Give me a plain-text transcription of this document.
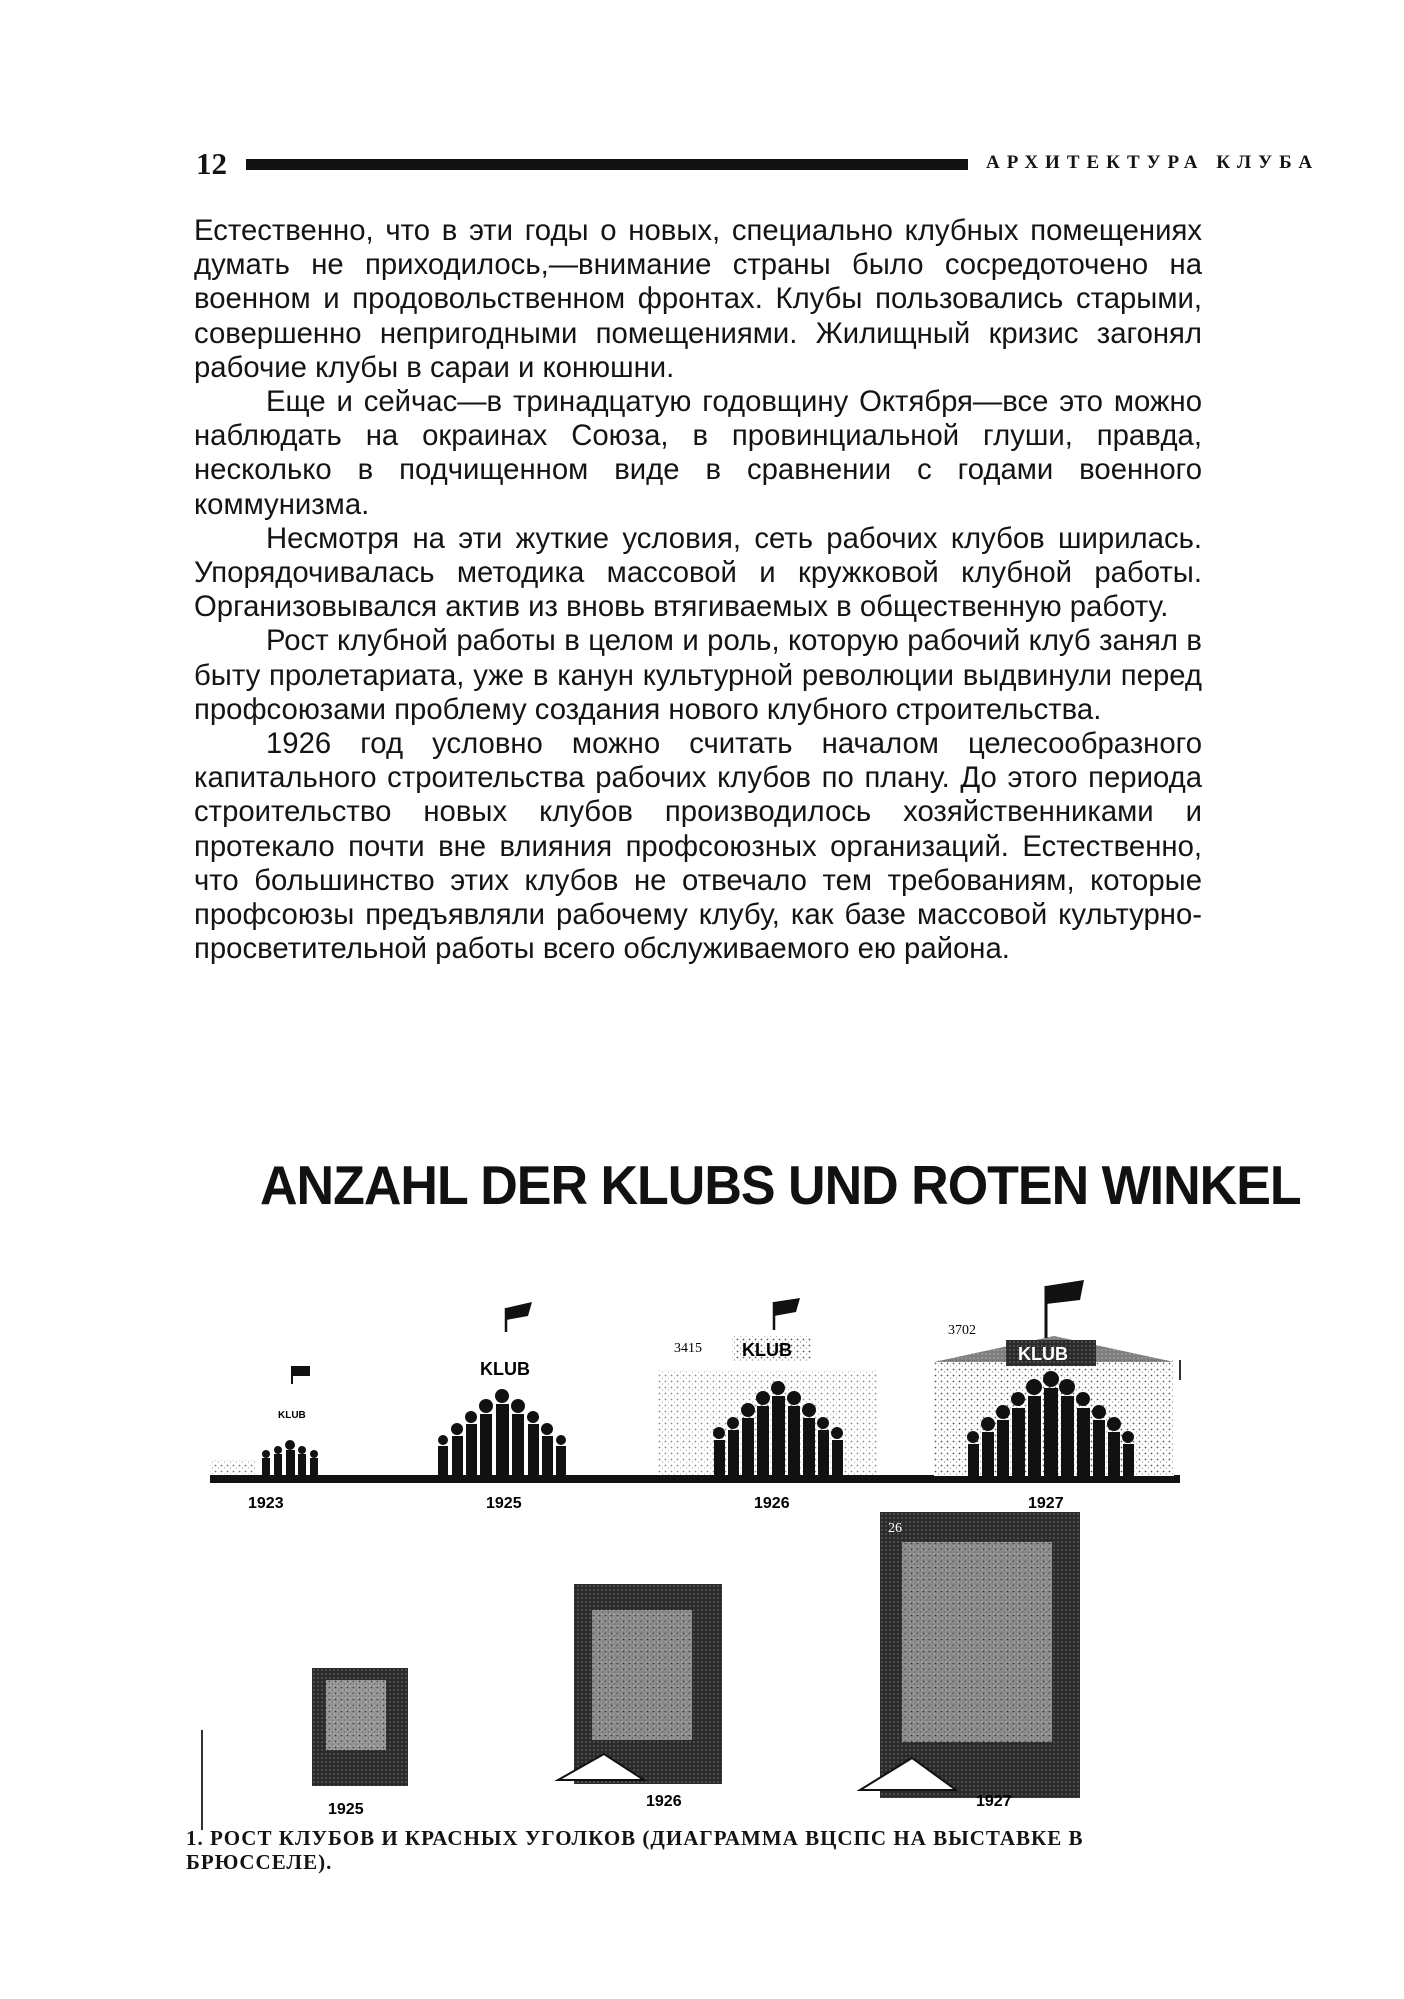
12	АРХИТЕКТУРА КЛУБА

Естественно, что в эти годы о новых, специально клубных помещениях думать не приходилось,—внимание страны было сосредоточено на военном и продовольственном фронтах. Клубы пользовались старыми, совершенно непригодными помещениями. Жилищный кризис загонял рабочие клубы в сараи и конюшни.

Еще и сейчас—в тринадцатую годовщину Октября—все это можно наблюдать на окраинах Союза, в провинциальной глуши, правда, несколько в подчищенном виде в сравнении с годами военного коммунизма.

Несмотря на эти жуткие условия, сеть рабочих клубов ширилась. Упорядочивалась методика массовой и кружковой клубной работы. Организовывался актив из вновь втягиваемых в общественную работу.

Рост клубной работы в целом и роль, которую рабочий клуб занял в быту пролетариата, уже в канун культурной революции выдвинули перед профсоюзами проблему создания нового клубного строительства.

1926 год условно можно считать началом целесообразного капитального строительства рабочих клубов по плану. До этого периода строительство новых клубов производилось хозяйственниками и протекало почти вне влияния профсоюзных организаций. Естественно, что большинство этих клубов не отвечало тем требованиям, которые профсоюзы предъявляли рабочему клубу, как базе массовой культурно-просветительной работы всего обслуживаемого ею района.

ANZAHL DER KLUBS UND ROTEN WINKEL
KLUB
1923
KLUB
1925
3415 KLUB
1926
3702
KLUB
1927
1925	1926
26
1927
1. РОСТ КЛУБОВ И КРАСНЫХ УГОЛКОВ (ДИАГРАММА ВЦСПС НА ВЫСТАВКЕ В БРЮССЕЛЕ).
